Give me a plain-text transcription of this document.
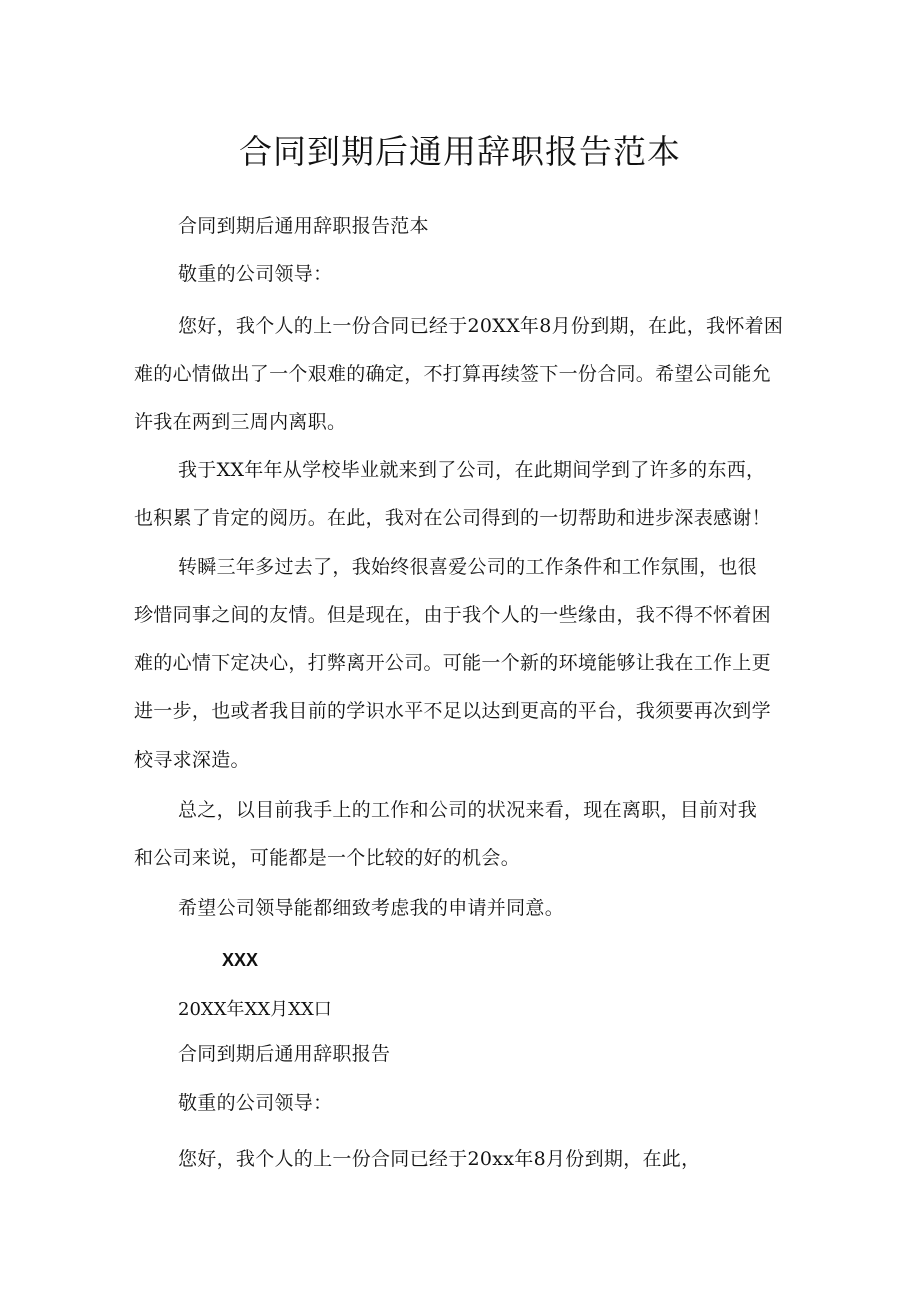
合同到期后通用辞职报告范本

合同到期后通用辞职报告范本

敬重的公司领导：

您好，我个人的上一份合同已经于20XX年8月份到期，在此，我怀着困

难的心情做出了一个艰难的确定，不打算再续签下一份合同。希望公司能允

许我在两到三周内离职。

我于XX年年从学校毕业就来到了公司，在此期间学到了许多的东西，

也积累了肯定的阅历。在此，我对在公司得到的一切帮助和进步深表感谢！

转瞬三年多过去了，我始终很喜爱公司的工作条件和工作氛围，也很

珍惜同事之间的友情。但是现在，由于我个人的一些缘由，我不得不怀着困

难的心情下定决心，打弊离开公司。可能一个新的环境能够让我在工作上更

进一步，也或者我目前的学识水平不足以达到更高的平台，我须要再次到学

校寻求深造。

总之，以目前我手上的工作和公司的状况来看，现在离职，目前对我

和公司来说，可能都是一个比较的好的机会。

希望公司领导能都细致考虑我的申请并同意。

XXX
20XX年XX月XX口

合同到期后通用辞职报告

敬重的公司领导：

您好，我个人的上一份合同已经于20xx年8月份到期，在此，
